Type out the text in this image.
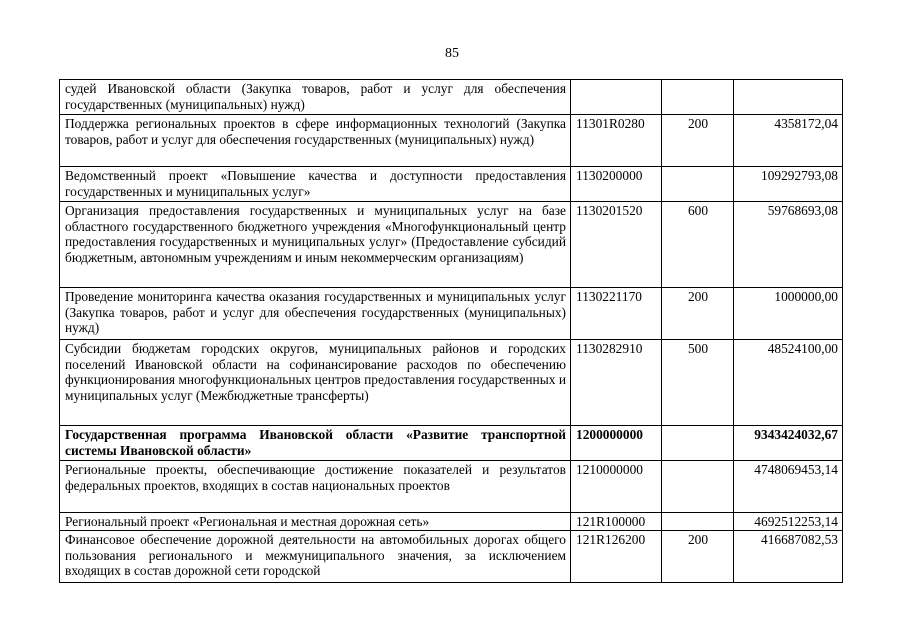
85
судей Ивановской области (Закупка товаров, работ и услуг для обеспечения государственных (муниципальных) нужд)			
Поддержка региональных проектов в сфере информационных технологий (Закупка товаров, работ и услуг для обеспечения государственных (муниципальных) нужд)	11301R0280	200	4358172,04
Ведомственный проект «Повышение качества и доступности предоставления государственных и муниципальных услуг»	1130200000		109292793,08
Организация предоставления государственных и муниципальных услуг на базе областного государственного бюджетного учреждения «Многофункциональный центр предоставления государственных и муниципальных услуг» (Предоставление субсидий бюджетным, автономным учреждениям и иным некоммерческим организациям)	1130201520	600	59768693,08
Проведение мониторинга качества оказания государственных и муниципальных услуг (Закупка товаров, работ и услуг для обеспечения государственных (муниципальных) нужд)	1130221170	200	1000000,00
Субсидии бюджетам городских округов, муниципальных районов и городских поселений Ивановской области на софинансирование расходов по обеспечению функционирования многофункциональных центров предоставления государственных и муниципальных услуг (Межбюджетные трансферты)	1130282910	500	48524100,00
Государственная программа Ивановской области «Развитие транспортной системы Ивановской области»	1200000000		9343424032,67
Региональные проекты, обеспечивающие достижение показателей и результатов федеральных проектов, входящих в состав национальных проектов	1210000000		4748069453,14
Региональный проект «Региональная и местная дорожная сеть»	121R100000		4692512253,14
Финансовое обеспечение дорожной деятельности на автомобильных дорогах общего пользования регионального и межмуниципального значения, за исключением входящих в состав дорожной сети городской	121R126200	200	416687082,53
